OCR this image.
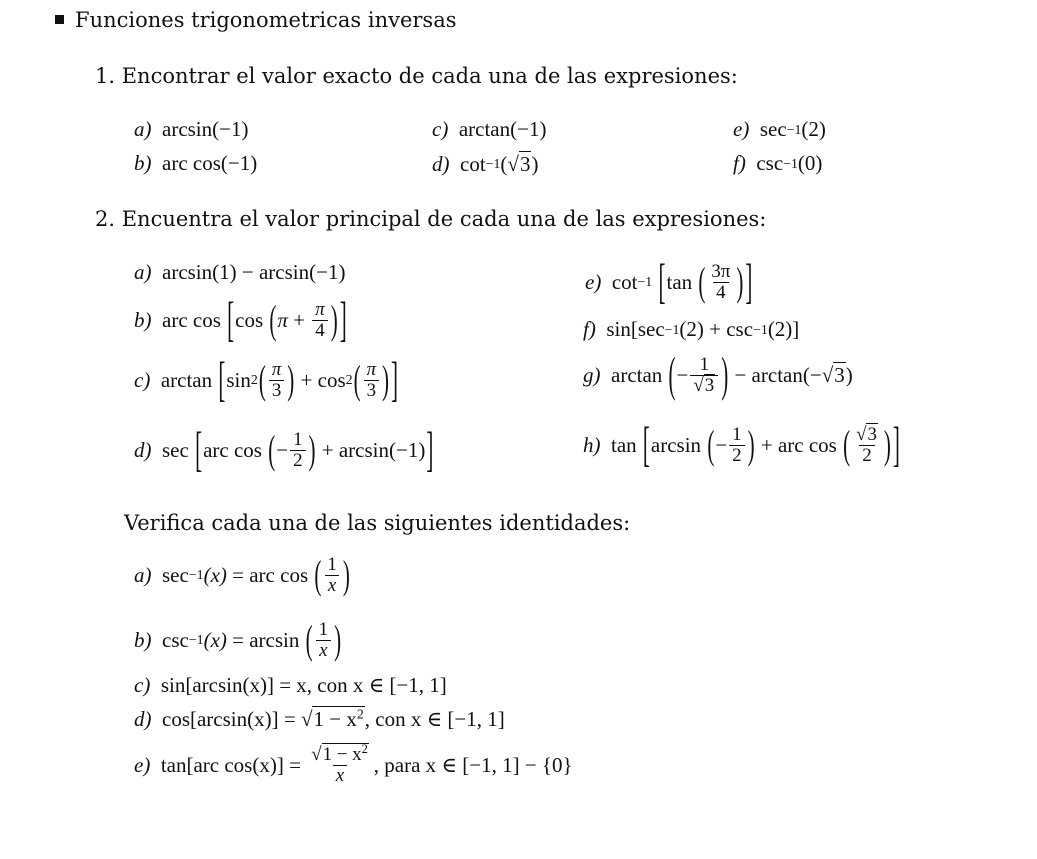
Funciones trigonometricas inversas
1. Encontrar el valor exacto de cada una de las expresiones:
a)
arcsin(−1)
b)
arc cos(−1)
c)
arctan(−1)
d)
cot −1 (√ 3 )
e)
sec −1 (2)
f)
csc −1 (0)
2. Encuentra el valor principal de cada una de las expresiones:
a)
arcsin(1) − arcsin(−1)
b)
arc cos
[ cos
( π
+
$\frac{\pi}{4}$ ) ]
c)
arctan
[ sin 2 ( $\frac{\pi}{3}$ )
+
cos 2 ( $\frac{\pi}{3}$ ) ]
d)
sec
[ arc cos
( − $\frac{1}{2}$ )
+ arcsin(−1) ]
e)
cot −1
[ tan
( $\frac{3\pi}{4}$ ) ]
f)
sin[sec −1 (2) + csc −1 (2)]
g)
arctan
( − $\frac{1}{√3}$ )
− arctan(− √ 3 )
h)
tan
[ arcsin
( − $\frac{1}{2}$ )
+ arc cos
( $\frac{√3}{2}$ ) ]
Verifica cada una de las siguientes identidades:
a)
sec −1 (x)
= arc cos
( $\frac{1}{x}$ )
b)
csc −1 (x)
= arcsin
( $\frac{1}{x}$ )
c)
sin[arcsin(x)] = x, con x ∈ [−1, 1]
d)
cos[arcsin(x)] = √ $1 - x^2$ , con x ∈ [−1, 1]
e)
tan[arc cos(x)] =
$\frac{√1 - x^2}{x}$ , para x ∈ [−1, 1] − {0}
